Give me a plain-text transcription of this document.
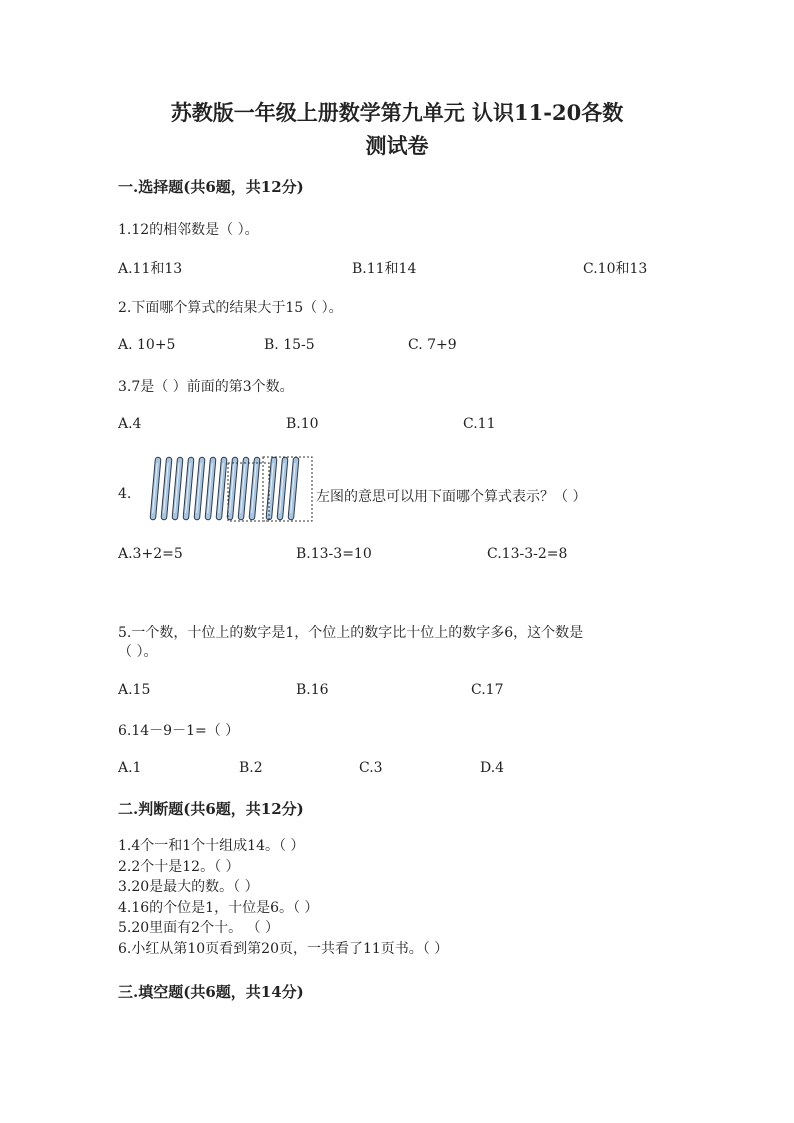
苏教版一年级上册数学第九单元 认识11-20各数
测试卷
一.选择题(共6题，共12分)
1.12的相邻数是（ ）。
A.11和13	B.11和14	C.10和13
2.下面哪个算式的结果大于15（ ）。
A. 10+5	B. 15-5	C. 7+9
3.7是（ ）前面的第3个数。
A.4	B.10	C.11
4.	左图的意思可以用下面哪个算式表示？（ ）
A.3+2=5	B.13-3=10	C.13-3-2=8
5.一个数，十位上的数字是1，个位上的数字比十位上的数字多6，这个数是
（ ）。
A.15	B.16	C.17
6.14－9－1=（ ）
A.1	B.2	C.3	D.4
二.判断题(共6题，共12分)
1.4个一和1个十组成14。（ ）
2.2个十是12。（ ）
3.20是最大的数。（ ）
4.16的个位是1，十位是6。（ ）
5.20里面有2个十。 （ ）
6.小红从第10页看到第20页，一共看了11页书。（ ）
三.填空题(共6题，共14分)
